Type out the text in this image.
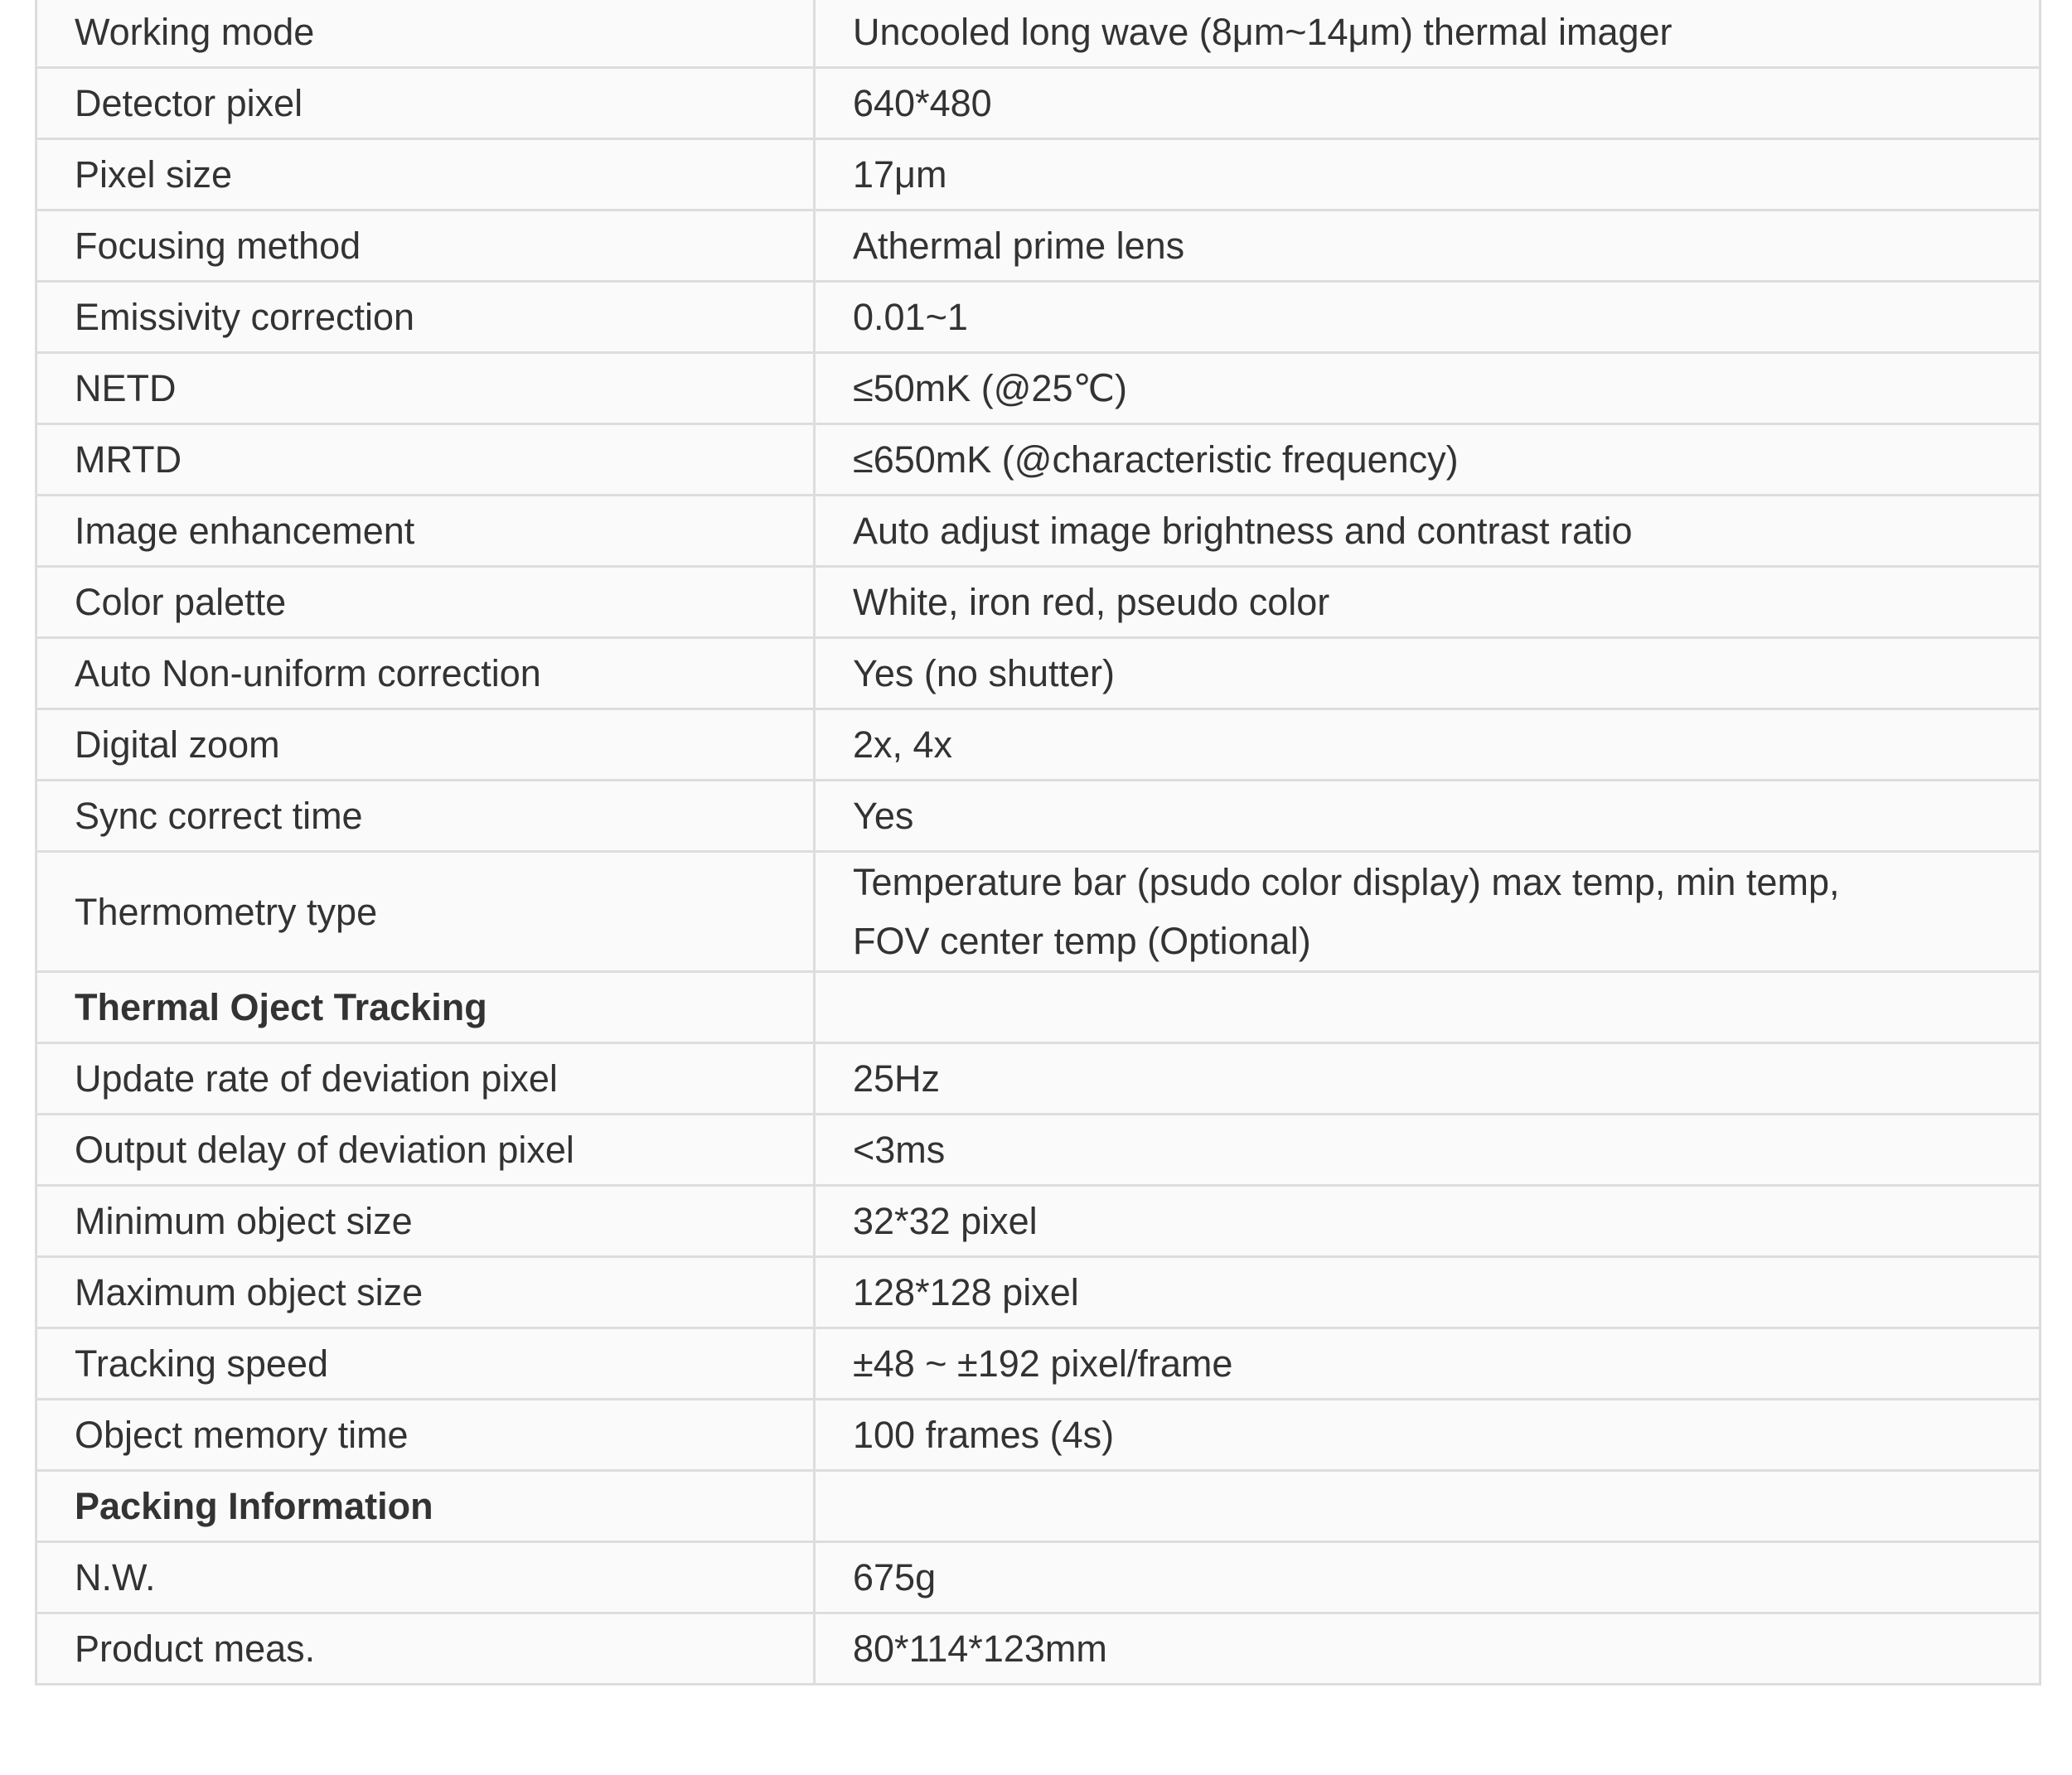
Working mode	Uncooled long wave (8μm~14μm) thermal imager
Detector pixel	640*480
Pixel size	17μm
Focusing method	Athermal prime lens
Emissivity correction	0.01~1
NETD	≤50mK (@25℃)
MRTD	≤650mK (@characteristic frequency)
Image enhancement	Auto adjust image brightness and contrast ratio
Color palette	White, iron red, pseudo color
Auto Non-uniform correction	Yes (no shutter)
Digital zoom	2x, 4x
Sync correct time	Yes
Thermometry type	Temperature bar (psudo color display) max temp, min temp,
FOV center temp (Optional)
Thermal Oject Tracking	
Update rate of deviation pixel	25Hz
Output delay of deviation pixel	<3ms
Minimum object size	32*32 pixel
Maximum object size	128*128 pixel
Tracking speed	±48 ~ ±192 pixel/frame
Object memory time	100 frames (4s)
Packing Information	
N.W.	675g
Product meas.	80*114*123mm
